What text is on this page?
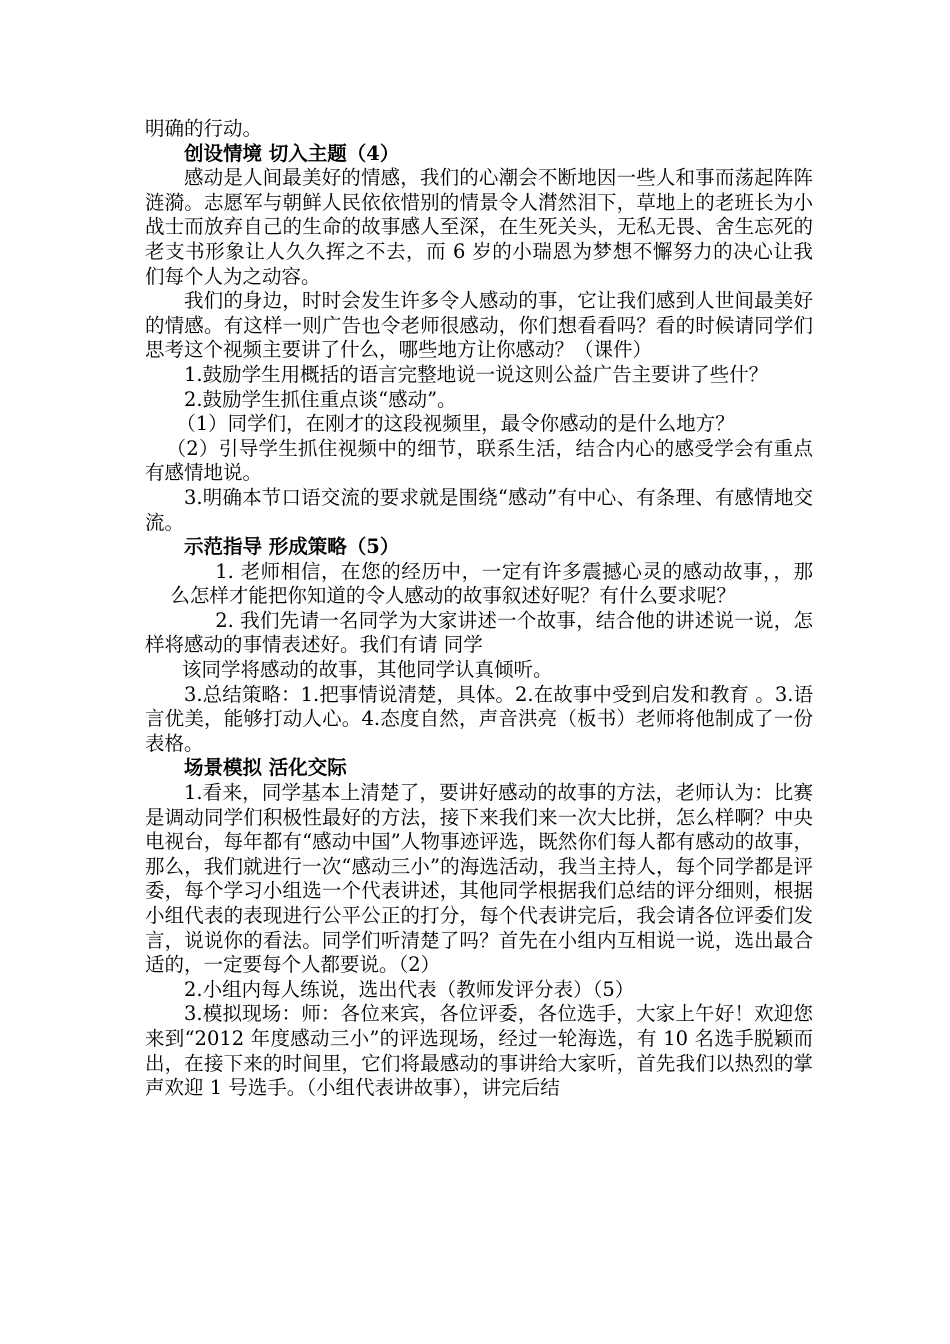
明确的行动。

创设情境 切入主题（4）

感动是人间最美好的情感，我们的心潮会不断地因一些人和事而荡起阵阵涟漪。志愿军与朝鲜人民依依惜别的情景令人潸然泪下，草地上的老班长为小战士而放弃自己的生命的故事感人至深，在生死关头，无私无畏、舍生忘死的老支书形象让人久久挥之不去，而 6 岁的小瑞恩为梦想不懈努力的决心让我们每个人为之动容。

我们的身边，时时会发生许多令人感动的事，它让我们感到人世间最美好的情感。有这样一则广告也令老师很感动，你们想看看吗？看的时候请同学们思考这个视频主要讲了什么，哪些地方让你感动？（课件）

1.鼓励学生用概括的语言完整地说一说这则公益广告主要讲了些什？

2.鼓励学生抓住重点谈“感动”。

（1）同学们，在刚才的这段视频里，最令你感动的是什么地方？

（2）引导学生抓住视频中的细节，联系生活，结合内心的感受学会有重点有感情地说。

3.明确本节口语交流的要求就是围绕“感动”有中心、有条理、有感情地交流。

示范指导 形成策略（5）

1. 老师相信，在您的经历中，一定有许多震撼心灵的感动故事，，那么怎样才能把你知道的令人感动的故事叙述好呢？有什么要求呢？

2. 我们先请一名同学为大家讲述一个故事，结合他的讲述说一说，怎样将感动的事情表述好。我们有请 同学

该同学将感动的故事，其他同学认真倾听。

3.总结策略：1.把事情说清楚，具体。2.在故事中受到启发和教育 。3.语言优美，能够打动人心。4.态度自然，声音洪亮（板书）老师将他制成了一份表格。

场景模拟 活化交际

1.看来，同学基本上清楚了，要讲好感动的故事的方法，老师认为：比赛是调动同学们积极性最好的方法，接下来我们来一次大比拼，怎么样啊？中央电视台，每年都有“感动中国”人物事迹评选，既然你们每人都有感动的故事，那么，我们就进行一次“感动三小”的海选活动，我当主持人，每个同学都是评委，每个学习小组选一个代表讲述，其他同学根据我们总结的评分细则，根据小组代表的表现进行公平公正的打分，每个代表讲完后，我会请各位评委们发言，说说你的看法。同学们听清楚了吗？首先在小组内互相说一说，选出最合适的，一定要每个人都要说。（2）

2.小组内每人练说，选出代表（教师发评分表）（5）

3.模拟现场：师：各位来宾，各位评委，各位选手，大家上午好！欢迎您来到“2012 年度感动三小”的评选现场，经过一轮海选，有 10 名选手脱颖而出，在接下来的时间里，它们将最感动的事讲给大家听，首先我们以热烈的掌声欢迎 1 号选手。（小组代表讲故事），讲完后结
